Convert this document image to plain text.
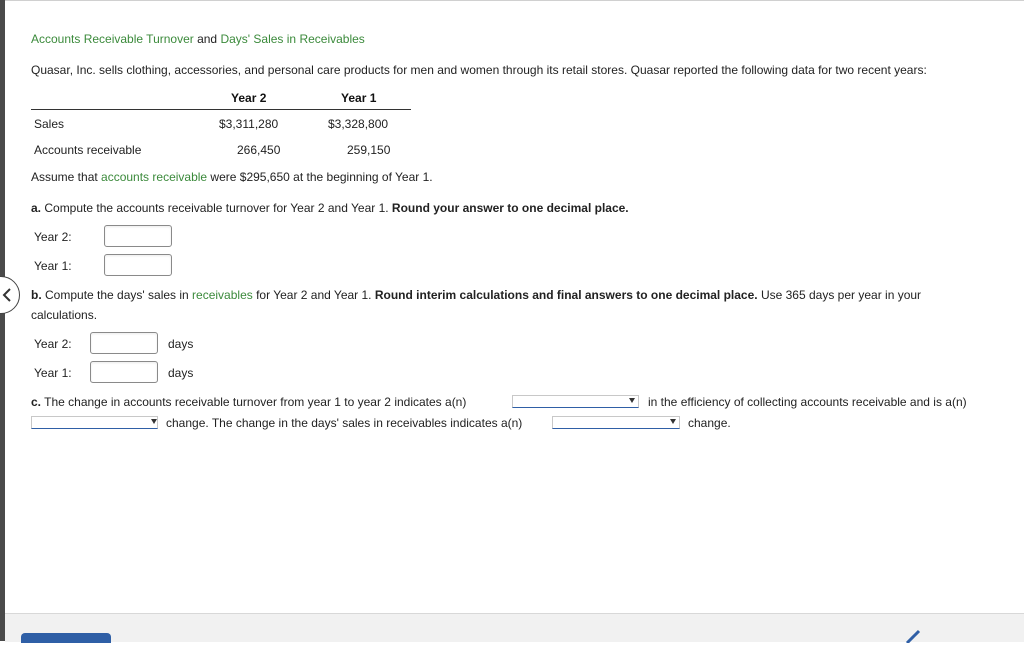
Accounts Receivable Turnover and Days' Sales in Receivables
Quasar, Inc. sells clothing, accessories, and personal care products for men and women through its retail stores. Quasar reported the following data for two recent years:
Year 2	Year 1
Sales	$3,311,280	$3,328,800
Accounts receivable	266,450	259,150
Assume that accounts receivable were $295,650 at the beginning of Year 1.
a. Compute the accounts receivable turnover for Year 2 and Year 1. Round your answer to one decimal place.
Year 2:
Year 1:
b. Compute the days' sales in receivables for Year 2 and Year 1. Round interim calculations and final answers to one decimal place. Use 365 days per year in your
calculations.
Year 2:	days
Year 1:	days
c. The change in accounts receivable turnover from year 1 to year 2 indicates a(n)	in the efficiency of collecting accounts receivable and is a(n)
change. The change in the days' sales in receivables indicates a(n)	change.
